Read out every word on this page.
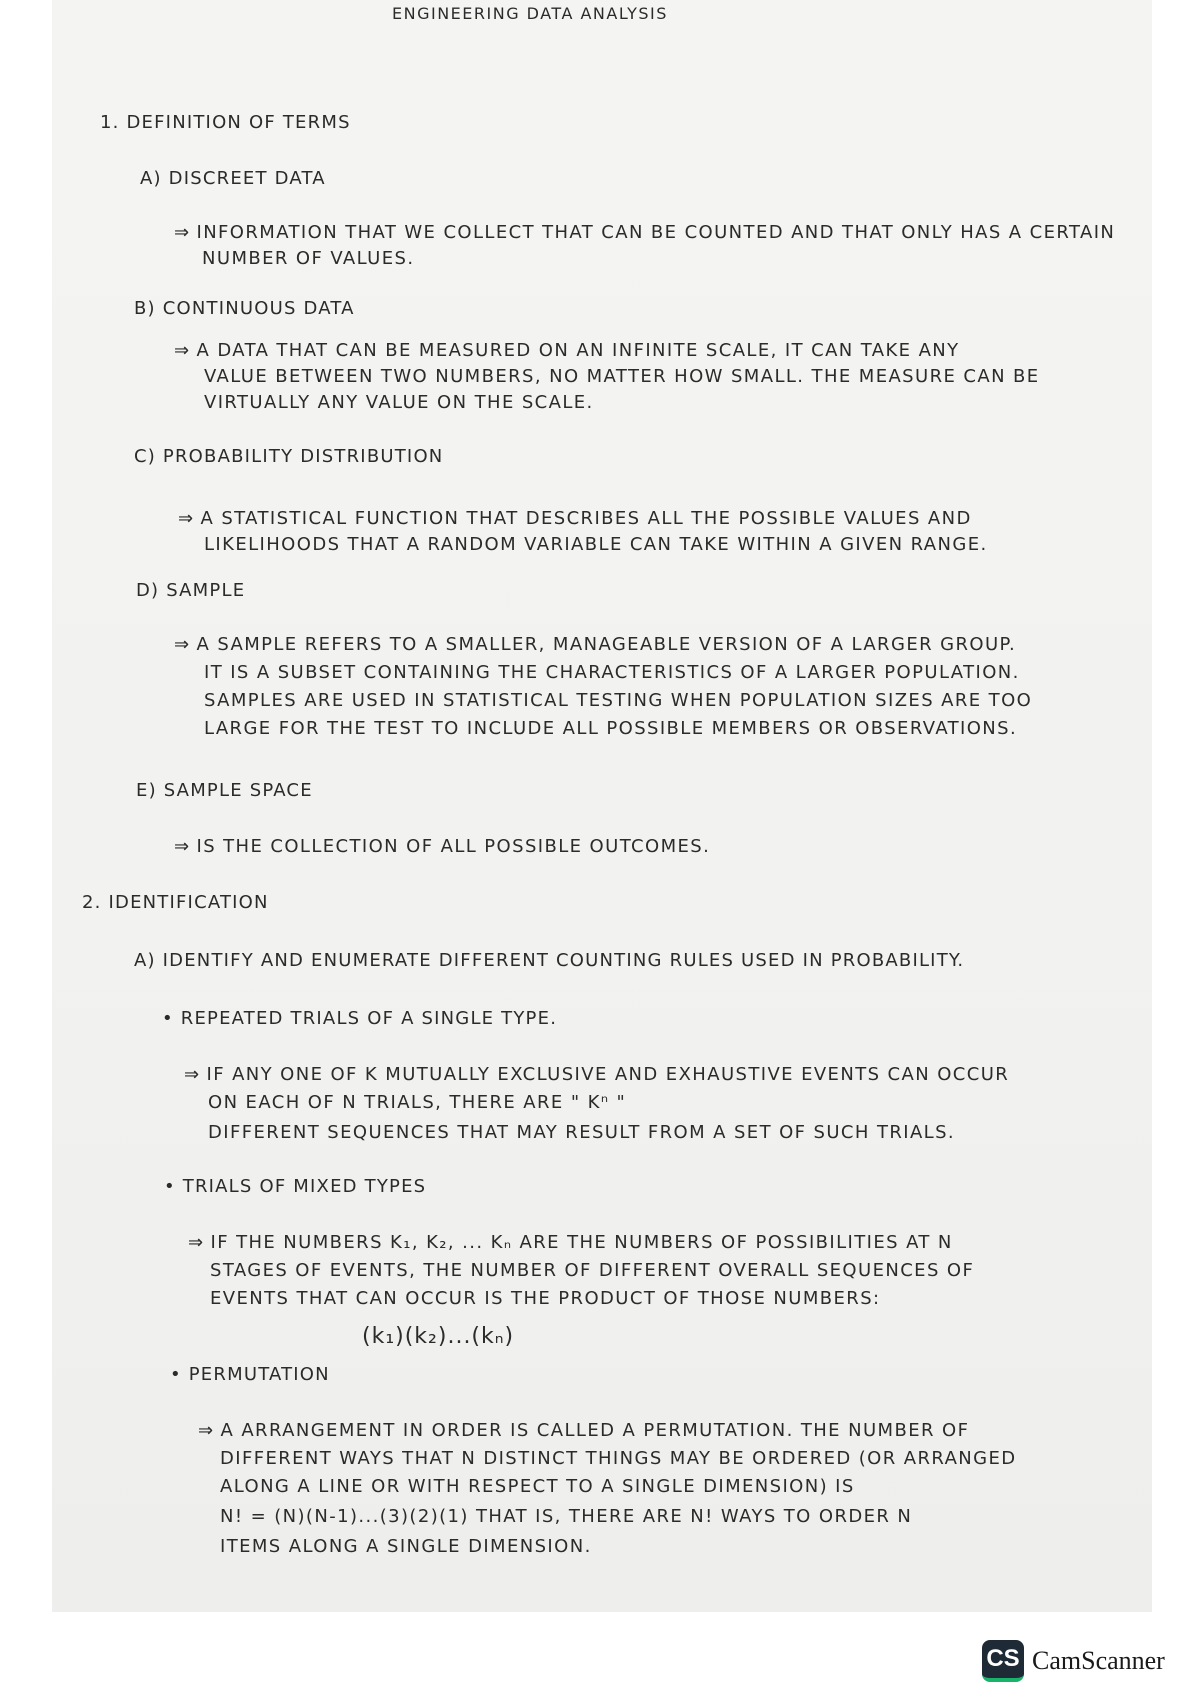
ENGINEERING DATA ANALYSIS
1. DEFINITION OF TERMS
A) DISCREET DATA
⇒ INFORMATION THAT WE COLLECT THAT CAN BE COUNTED AND THAT ONLY HAS A CERTAIN
NUMBER OF VALUES.
B) CONTINUOUS DATA
⇒ A DATA THAT CAN BE MEASURED ON AN INFINITE SCALE, IT CAN TAKE ANY
VALUE BETWEEN TWO NUMBERS, NO MATTER HOW SMALL. THE MEASURE CAN BE
VIRTUALLY ANY VALUE ON THE SCALE.
C) PROBABILITY DISTRIBUTION
⇒ A STATISTICAL FUNCTION THAT DESCRIBES ALL THE POSSIBLE VALUES AND
LIKELIHOODS THAT A RANDOM VARIABLE CAN TAKE WITHIN A GIVEN RANGE.
D) SAMPLE
⇒ A SAMPLE REFERS TO A SMALLER, MANAGEABLE VERSION OF A LARGER GROUP.
IT IS A SUBSET CONTAINING THE CHARACTERISTICS OF A LARGER POPULATION.
SAMPLES ARE USED IN STATISTICAL TESTING WHEN POPULATION SIZES ARE TOO
LARGE FOR THE TEST TO INCLUDE ALL POSSIBLE MEMBERS OR OBSERVATIONS.
E) SAMPLE SPACE
⇒ IS THE COLLECTION OF ALL POSSIBLE OUTCOMES.
2. IDENTIFICATION
A) IDENTIFY AND ENUMERATE DIFFERENT COUNTING RULES USED IN PROBABILITY.
• REPEATED TRIALS OF A SINGLE TYPE.
⇒ IF ANY ONE OF K MUTUALLY EXCLUSIVE AND EXHAUSTIVE EVENTS CAN OCCUR
ON EACH OF N TRIALS, THERE ARE " Kⁿ "
DIFFERENT SEQUENCES THAT MAY RESULT FROM A SET OF SUCH TRIALS.
• TRIALS OF MIXED TYPES
⇒ IF THE NUMBERS K₁, K₂, ... Kₙ ARE THE NUMBERS OF POSSIBILITIES AT N
STAGES OF EVENTS, THE NUMBER OF DIFFERENT OVERALL SEQUENCES OF
EVENTS THAT CAN OCCUR IS THE PRODUCT OF THOSE NUMBERS:
(k₁)(k₂)...(kₙ)
• PERMUTATION
⇒ A ARRANGEMENT IN ORDER IS CALLED A PERMUTATION. THE NUMBER OF
DIFFERENT WAYS THAT N DISTINCT THINGS MAY BE ORDERED (OR ARRANGED
ALONG A LINE OR WITH RESPECT TO A SINGLE DIMENSION) IS
N! = (N)(N-1)...(3)(2)(1) THAT IS, THERE ARE N! WAYS TO ORDER N
ITEMS ALONG A SINGLE DIMENSION.
CS CamScanner
